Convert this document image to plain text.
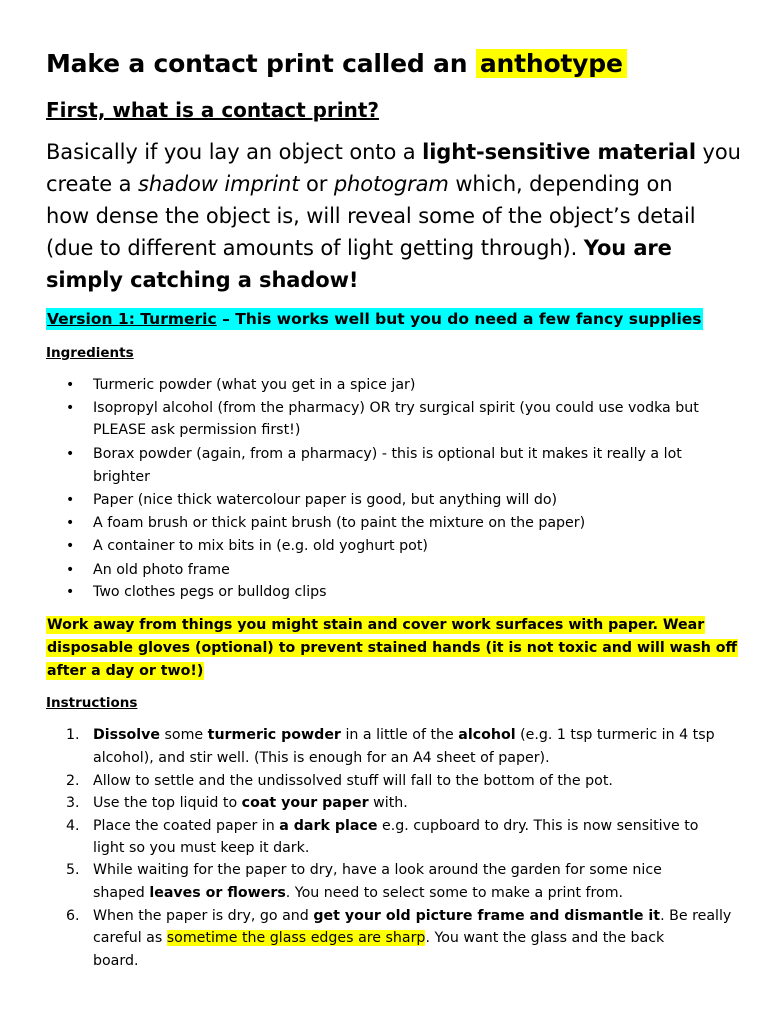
Make a contact print called an anthotype
First, what is a contact print?
Basically if you lay an object onto a light-sensitive material you
create a shadow imprint or photogram which, depending on
how dense the object is, will reveal some of the object’s detail
(due to different amounts of light getting through). You are
simply catching a shadow!
Version 1: Turmeric – This works well but you do need a few fancy supplies
Ingredients
• Turmeric powder (what you get in a spice jar)
• Isopropyl alcohol (from the pharmacy) OR try surgical spirit (you could use vodka but
PLEASE ask permission first!)
• Borax powder (again, from a pharmacy) - this is optional but it makes it really a lot
brighter
• Paper (nice thick watercolour paper is good, but anything will do)
• A foam brush or thick paint brush (to paint the mixture on the paper)
• A container to mix bits in (e.g. old yoghurt pot)
• An old photo frame
• Two clothes pegs or bulldog clips
Work away from things you might stain and cover work surfaces with paper. Wear
disposable gloves (optional) to prevent stained hands (it is not toxic and will wash off
after a day or two!)
Instructions
1. Dissolve some turmeric powder in a little of the alcohol (e.g. 1 tsp turmeric in 4 tsp
alcohol), and stir well. (This is enough for an A4 sheet of paper).
2. Allow to settle and the undissolved stuff will fall to the bottom of the pot.
3. Use the top liquid to coat your paper with.
4. Place the coated paper in a dark place e.g. cupboard to dry. This is now sensitive to
light so you must keep it dark.
5. While waiting for the paper to dry, have a look around the garden for some nice
shaped leaves or flowers. You need to select some to make a print from.
6. When the paper is dry, go and get your old picture frame and dismantle it. Be really
careful as sometime the glass edges are sharp. You want the glass and the back
board.
